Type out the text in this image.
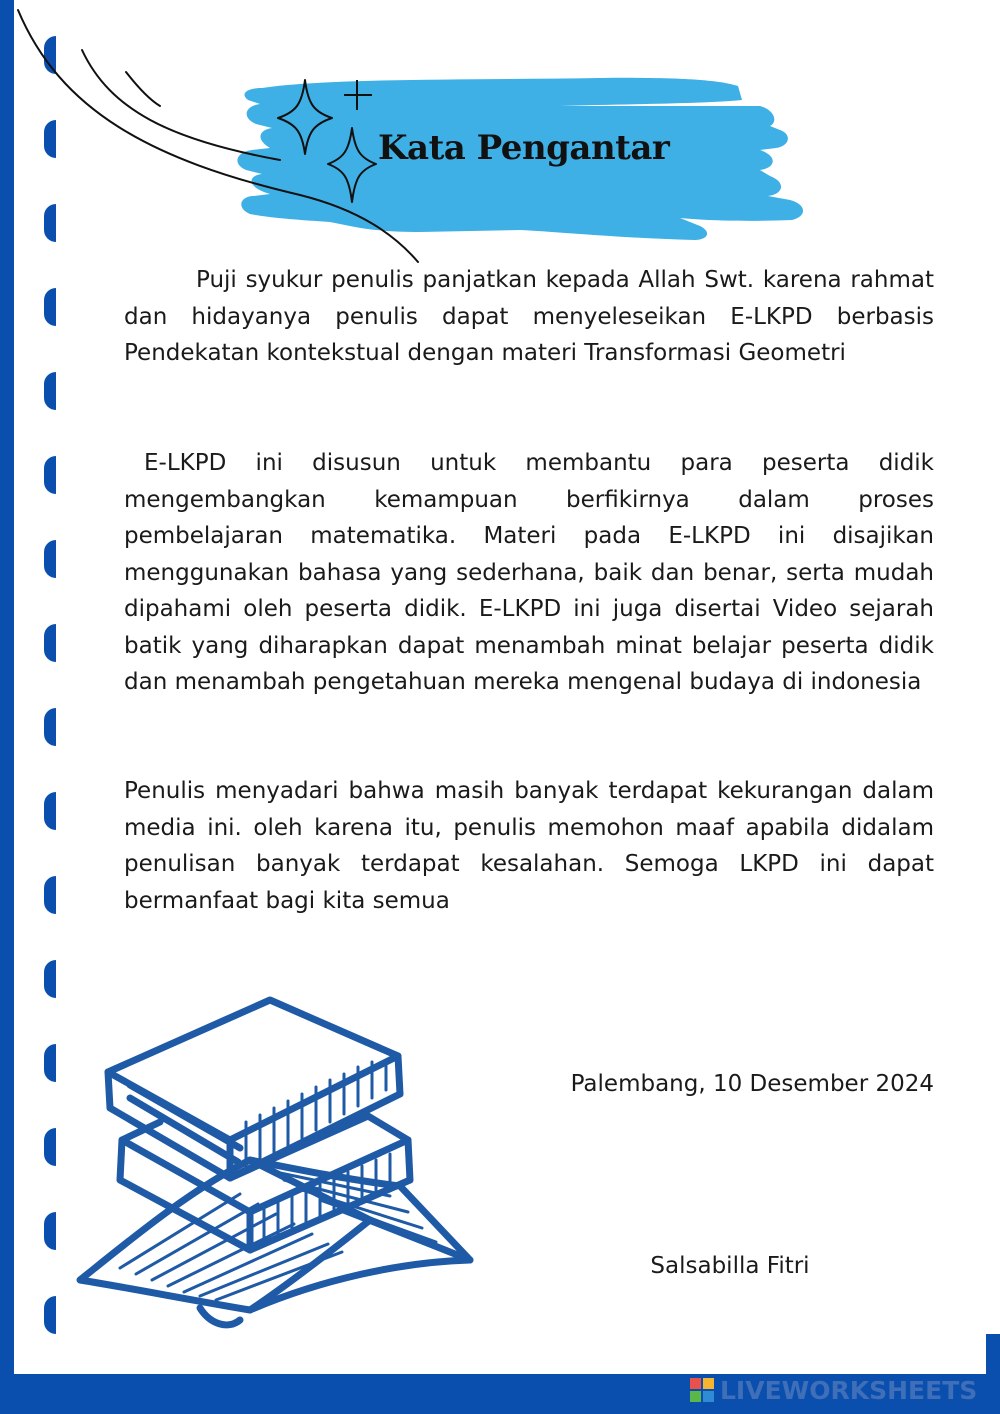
Kata Pengantar

Puji syukur penulis panjatkan kepada Allah Swt. karena rahmat dan hidayanya penulis dapat menyeleseikan E-LKPD berbasis Pendekatan kontekstual dengan materi Transformasi Geometri

E-LKPD ini disusun untuk membantu para peserta didik mengembangkan kemampuan berfikirnya dalam proses pembelajaran matematika. Materi pada E-LKPD ini disajikan menggunakan bahasa yang sederhana, baik dan benar, serta mudah dipahami oleh peserta didik. E-LKPD ini juga disertai Video sejarah batik yang diharapkan dapat menambah minat belajar peserta didik dan menambah pengetahuan mereka mengenal budaya di indonesia

Penulis menyadari bahwa masih banyak terdapat kekurangan dalam media ini. oleh karena itu, penulis memohon maaf apabila didalam penulisan banyak terdapat kesalahan. Semoga LKPD ini dapat bermanfaat bagi kita semua

Palembang, 10 Desember 2024

Salsabilla Fitri

LIVEWORKSHEETS
